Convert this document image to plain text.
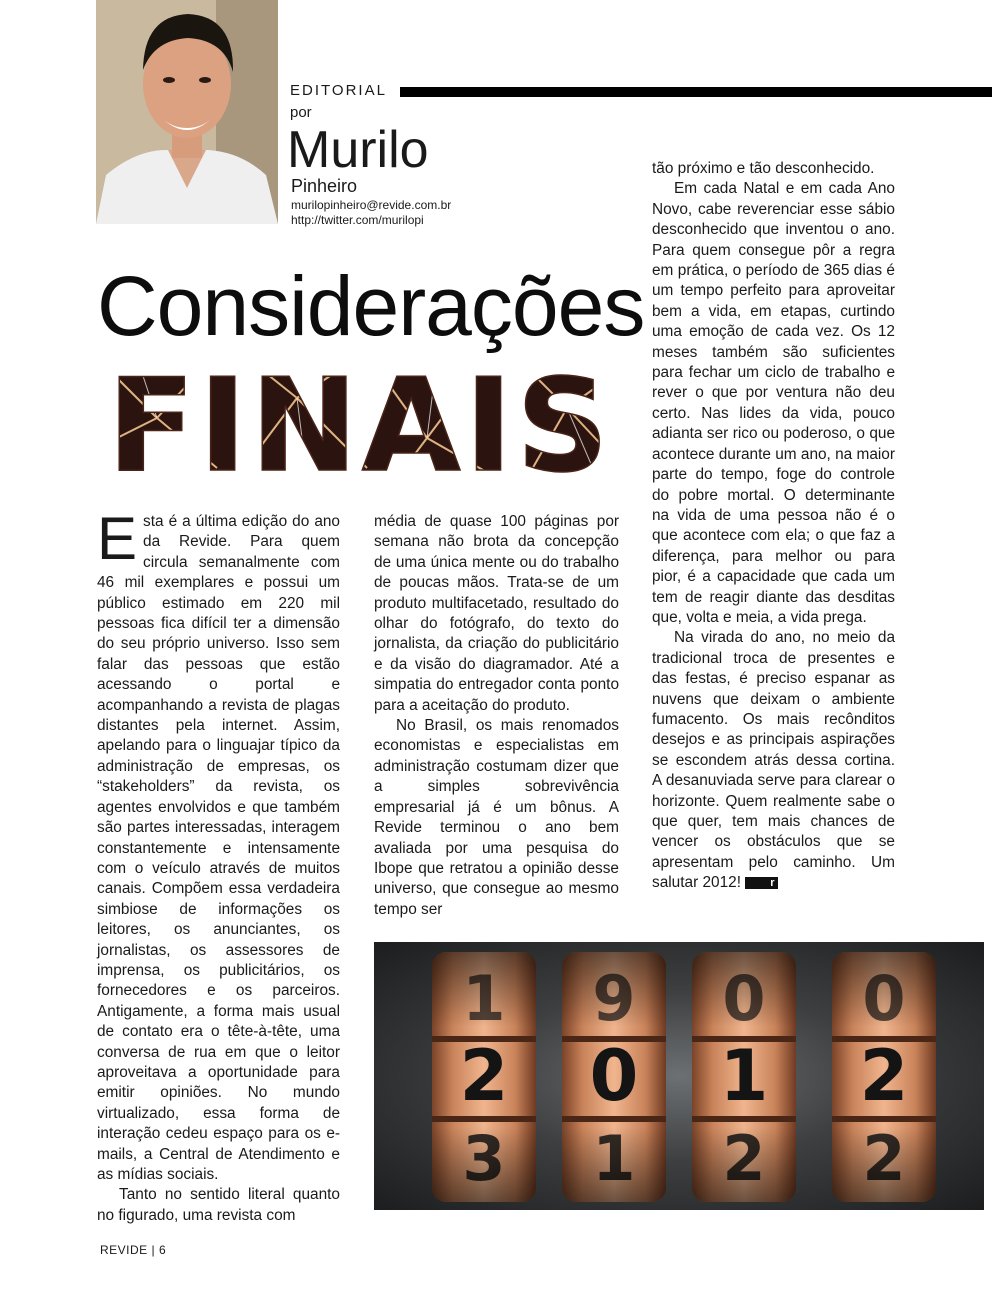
EDITORIAL
por
Murilo
Pinheiro
murilopinheiro@revide.com.br
http://twitter.com/murilopi
Considerações
FINAIS

Esta é a última edição do ano da Revide. Para quem circula semanalmente com 46 mil exemplares e possui um público estimado em 220 mil pessoas fica difícil ter a dimensão do seu próprio universo. Isso sem falar das pessoas que estão acessando o portal e acompanhando a revista de plagas distantes pela internet. Assim, apelando para o linguajar típico da administração de empresas, os “stakeholders” da revista, os agentes envolvidos e que também são partes interessadas, interagem constantemente e intensamente com o veículo através de muitos canais. Compõem essa verdadeira simbiose de informações os leitores, os anunciantes, os jornalistas, os assessores de imprensa, os publicitários, os fornecedores e os parceiros. Antigamente, a forma mais usual de contato era o tête-à-tête, uma conversa de rua em que o leitor aproveitava a oportunidade para emitir opiniões. No mundo virtualizado, essa forma de interação cedeu espaço para os e-mails, a Central de Atendimento e as mídias sociais.

Tanto no sentido literal quanto no figurado, uma revista com

média de quase 100 páginas por semana não brota da concepção de uma única mente ou do trabalho de poucas mãos. Trata-se de um produto multifacetado, resultado do olhar do fotógrafo, do texto do jornalista, da criação do publicitário e da visão do diagramador. Até a simpatia do entregador conta ponto para a aceitação do produto.

No Brasil, os mais renomados economistas e especialistas em administração costumam dizer que a simples sobrevivência empresarial já é um bônus. A Revide terminou o ano bem avaliada por uma pesquisa do Ibope que retratou a opinião desse universo, que consegue ao mesmo tempo ser

tão próximo e tão desconhecido.

Em cada Natal e em cada Ano Novo, cabe reverenciar esse sábio desconhecido que inventou o ano. Para quem consegue pôr a regra em prática, o período de 365 dias é um tempo perfeito para aproveitar bem a vida, em etapas, curtindo uma emoção de cada vez. Os 12 meses também são suficientes para fechar um ciclo de trabalho e rever o que por ventura não deu certo. Nas lides da vida, pouco adianta ser rico ou poderoso, o que acontece durante um ano, na maior parte do tempo, foge do controle do pobre mortal. O determinante na vida de uma pessoa não é o que acontece com ela; o que faz a diferença, para melhor ou para pior, é a capacidade que cada um tem de reagir diante das desditas que, volta e meia, a vida prega.

Na virada do ano, no meio da tradicional troca de presentes e das festas, é preciso espanar as nuvens que deixam o ambiente fumacento. Os mais recônditos desejos e as principais aspirações se escondem atrás dessa cortina. A desanuviada serve para clarear o horizonte. Quem realmente sabe o que quer, tem mais chances de vencer os obstáculos que se apresentam pelo caminho. Um salutar 2012!	r

REVIDE | 6
